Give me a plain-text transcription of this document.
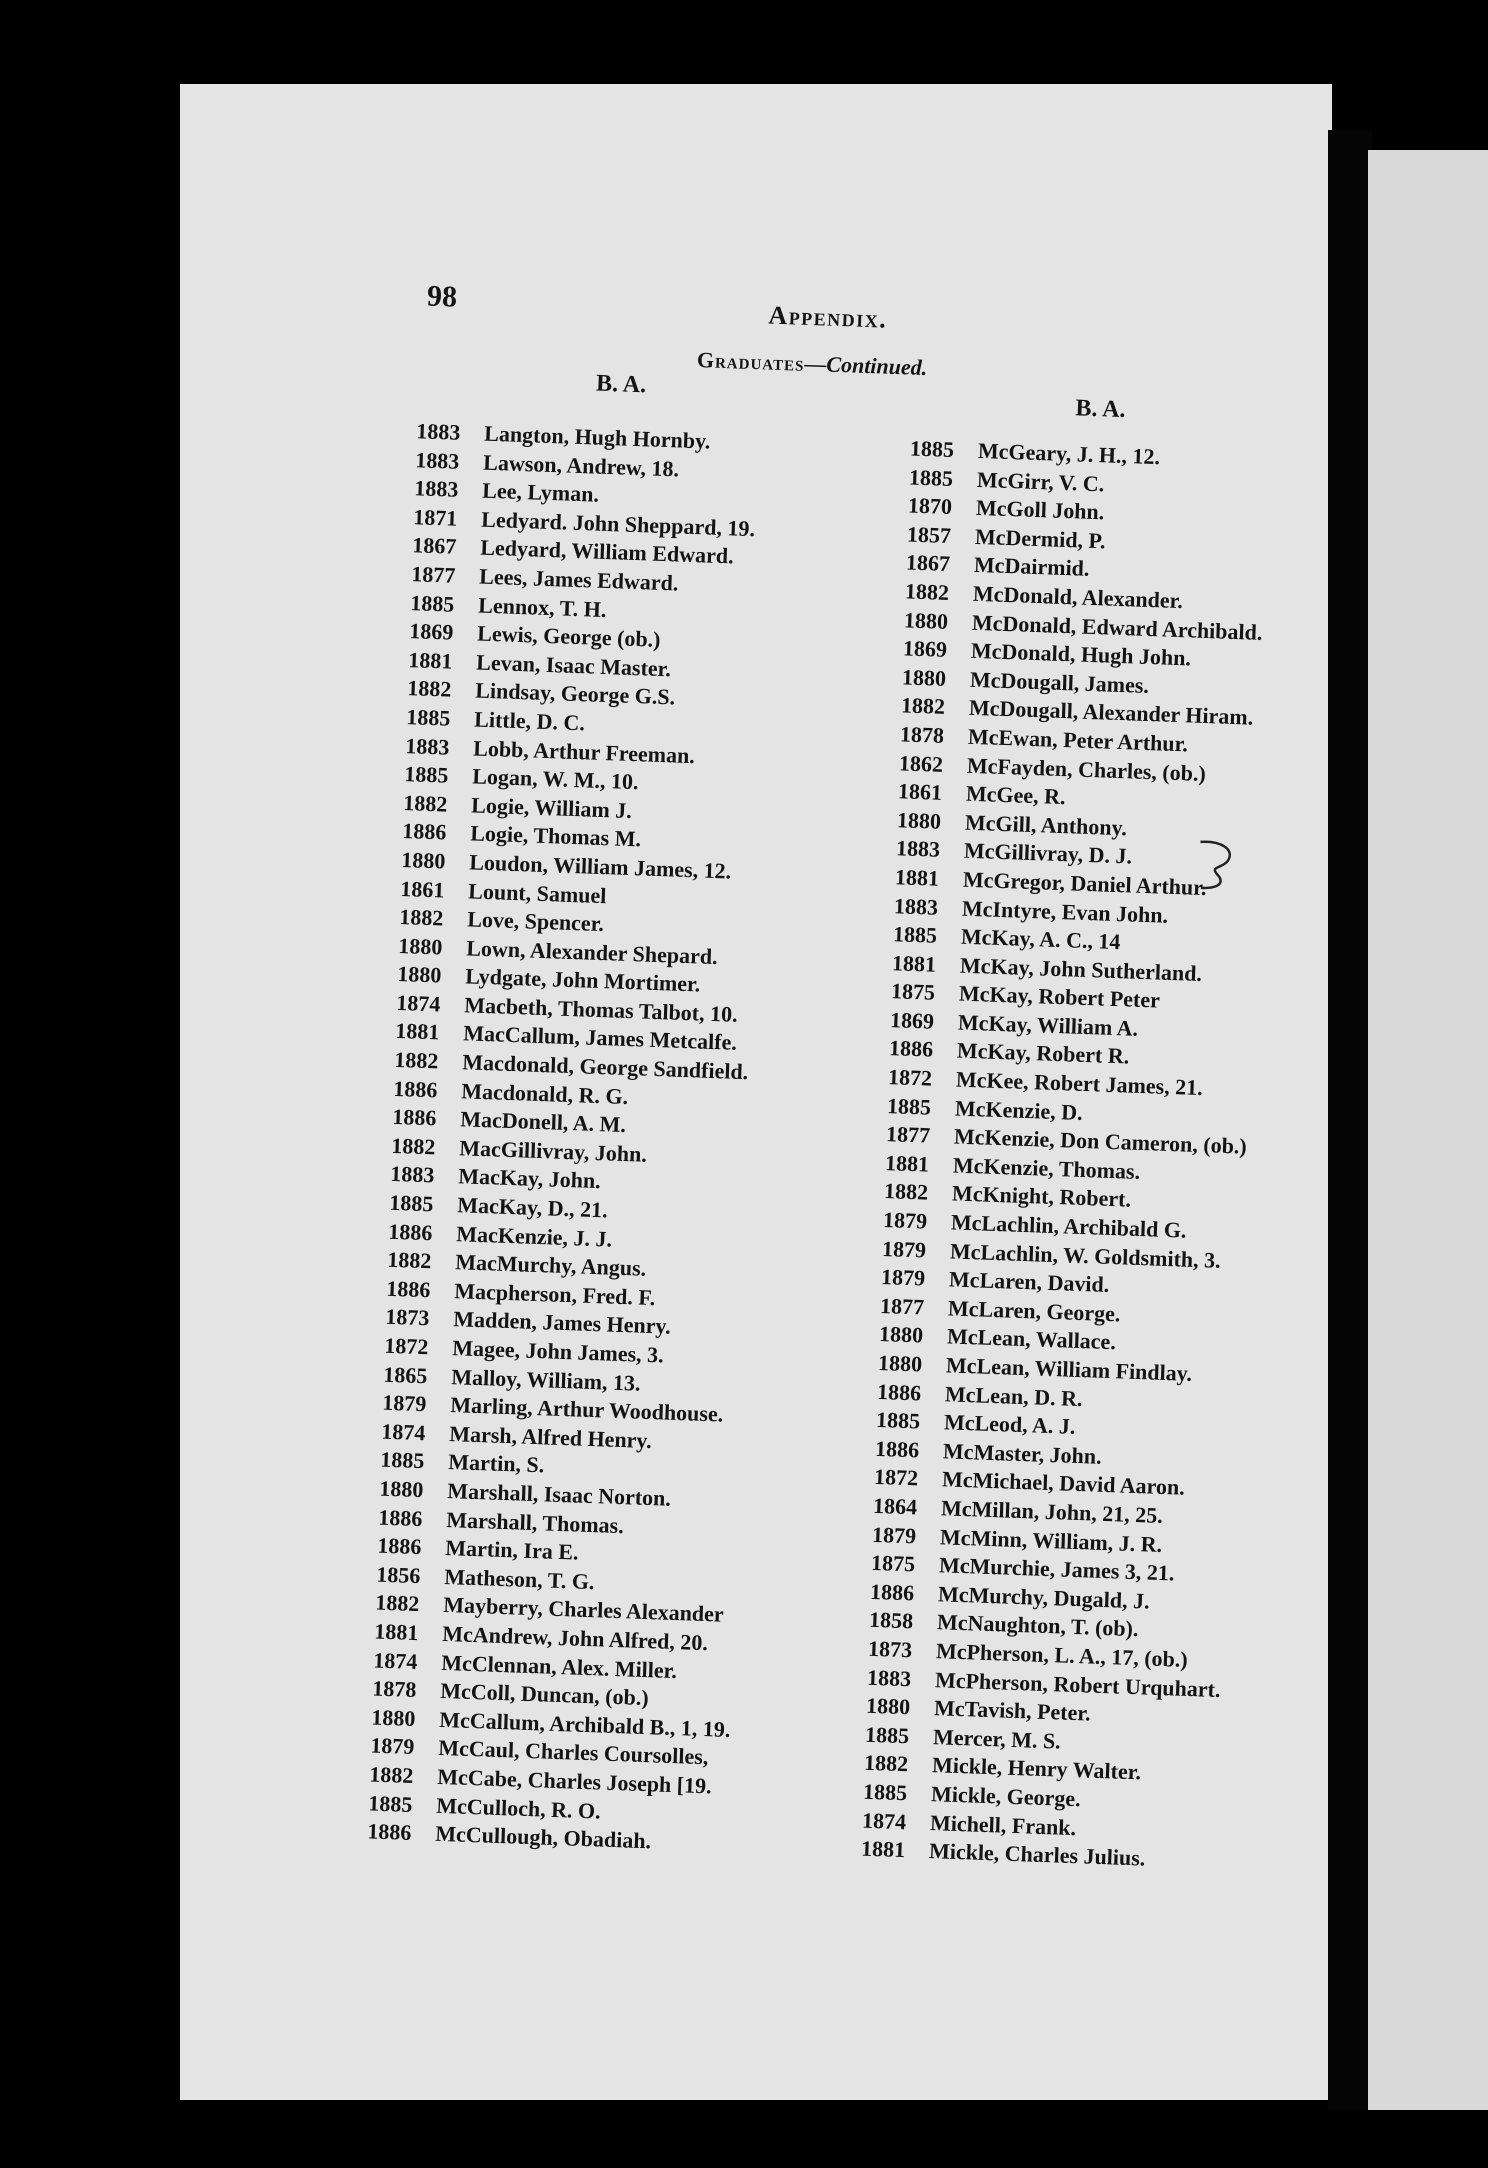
98
Appendix.
Graduates—Continued.
B. A.
B. A.
1883	Langton, Hugh Hornby.
1883	Lawson, Andrew, 18.
1883	Lee, Lyman.
1871	Ledyard. John Sheppard, 19.
1867	Ledyard, William Edward.
1877	Lees, James Edward.
1885	Lennox, T. H.
1869	Lewis, George (ob.)
1881	Levan, Isaac Master.
1882	Lindsay, George G.S.
1885	Little, D. C.
1883	Lobb, Arthur Freeman.
1885	Logan, W. M., 10.
1882	Logie, William J.
1886	Logie, Thomas M.
1880	Loudon, William James, 12.
1861	Lount, Samuel
1882	Love, Spencer.
1880	Lown, Alexander Shepard.
1880	Lydgate, John Mortimer.
1874	Macbeth, Thomas Talbot, 10.
1881	MacCallum, James Metcalfe.
1882	Macdonald, George Sandfield.
1886	Macdonald, R. G.
1886	MacDonell, A. M.
1882	MacGillivray, John.
1883	MacKay, John.
1885	MacKay, D., 21.
1886	MacKenzie, J. J.
1882	MacMurchy, Angus.
1886	Macpherson, Fred. F.
1873	Madden, James Henry.
1872	Magee, John James, 3.
1865	Malloy, William, 13.
1879	Marling, Arthur Woodhouse.
1874	Marsh, Alfred Henry.
1885	Martin, S.
1880	Marshall, Isaac Norton.
1886	Marshall, Thomas.
1886	Martin, Ira E.
1856	Matheson, T. G.
1882	Mayberry, Charles Alexander
1881	McAndrew, John Alfred, 20.
1874	McClennan, Alex. Miller.
1878	McColl, Duncan, (ob.)
1880	McCallum, Archibald B., 1, 19.
1879	McCaul, Charles Coursolles,
1882	McCabe, Charles Joseph [19.
1885	McCulloch, R. O.
1886	McCullough, Obadiah.
1885	McGeary, J. H., 12.
1885	McGirr, V. C.
1870	McGoll John.
1857	McDermid, P.
1867	McDairmid.
1882	McDonald, Alexander.
1880	McDonald, Edward Archibald.
1869	McDonald, Hugh John.
1880	McDougall, James.
1882	McDougall, Alexander Hiram.
1878	McEwan, Peter Arthur.
1862	McFayden, Charles, (ob.)
1861	McGee, R.
1880	McGill, Anthony.
1883	McGillivray, D. J.
1881	McGregor, Daniel Arthur.
1883	McIntyre, Evan John.
1885	McKay, A. C., 14
1881	McKay, John Sutherland.
1875	McKay, Robert Peter
1869	McKay, William A.
1886	McKay, Robert R.
1872	McKee, Robert James, 21.
1885	McKenzie, D.
1877	McKenzie, Don Cameron, (ob.)
1881	McKenzie, Thomas.
1882	McKnight, Robert.
1879	McLachlin, Archibald G.
1879	McLachlin, W. Goldsmith, 3.
1879	McLaren, David.
1877	McLaren, George.
1880	McLean, Wallace.
1880	McLean, William Findlay.
1886	McLean, D. R.
1885	McLeod, A. J.
1886	McMaster, John.
1872	McMichael, David Aaron.
1864	McMillan, John, 21, 25.
1879	McMinn, William, J. R.
1875	McMurchie, James 3, 21.
1886	McMurchy, Dugald, J.
1858	McNaughton, T. (ob).
1873	McPherson, L. A., 17, (ob.)
1883	McPherson, Robert Urquhart.
1880	McTavish, Peter.
1885	Mercer, M. S.
1882	Mickle, Henry Walter.
1885	Mickle, George.
1874	Michell, Frank.
1881	Mickle, Charles Julius.
